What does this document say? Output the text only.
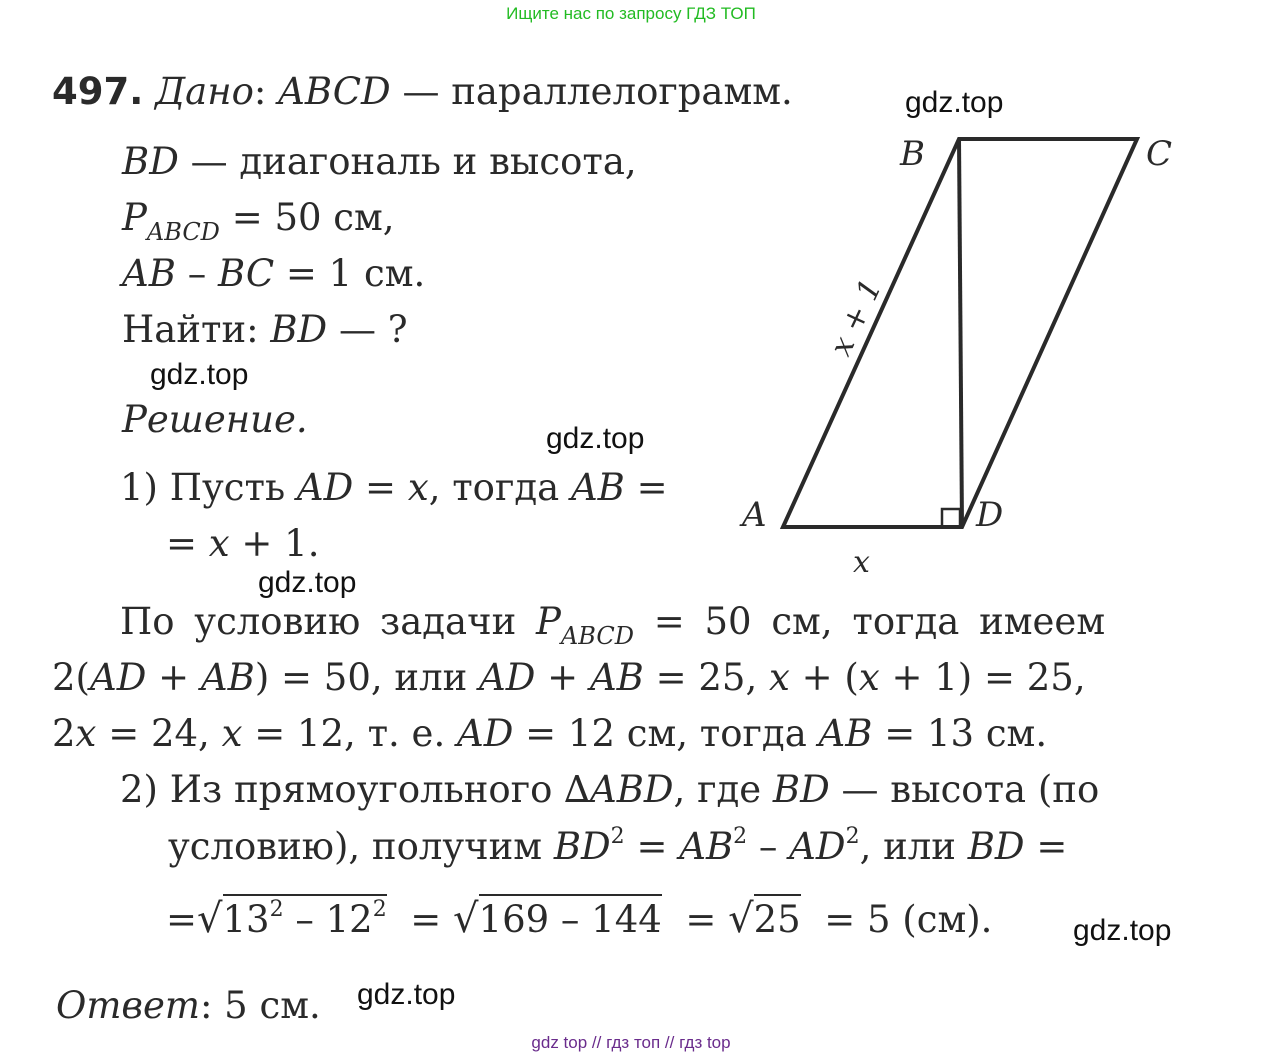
Ищите нас по запросу ГДЗ ТОП
497. Дано: ABCD — параллелограмм.
BD — диагональ и высота,
$P_{ABCD} = 50$ см,
AB – BC = 1 см.
Найти: BD — ?
Решение.
1) Пусть AD = x, тогда AB =
= x + 1.
По условию задачи $P_{ABCD} = 50$ см, тогда имеем
2(AD + AB) = 50, или AD + AB = 25, x + (x + 1) = 25,
2x = 24, x = 12, т. е. AD = 12 см, тогда AB = 13 см.
2) Из прямоугольного ∆ABD, где BD — высота (по
условию), получим $BD^2 = AB^2 - AD^2$, или BD =
$=√13^2 - 12^2 = √169 - 144 = √25 = 5$ (см).
Ответ: 5 см.
A
B	C
D
x
x + 1
gdz.top
gdz.top
gdz.top
gdz.top
gdz.top
gdz.top
gdz top // гдз топ // гдз top
